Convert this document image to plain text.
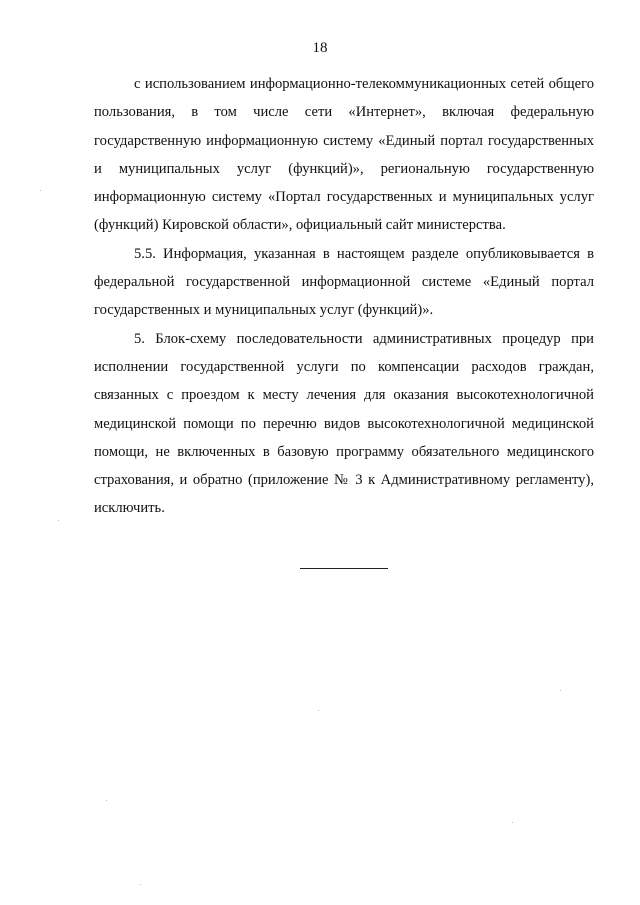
18

с использованием информационно-телекоммуникационных сетей общего пользования, в том числе сети «Интернет», включая федеральную государственную информационную систему «Единый портал государственных и муниципальных услуг (функций)», региональную государственную информационную систему «Портал государственных и муниципальных услуг (функций) Кировской области», официальный сайт министерства.

5.5. Информация, указанная в настоящем разделе опубликовывается в федеральной государственной информационной системе «Единый портал государственных и муниципальных услуг (функций)».

5. Блок-схему последовательности административных процедур при исполнении государственной услуги по компенсации расходов граждан, связанных с проездом к месту лечения для оказания высокотехнологичной медицинской помощи по перечню видов высокотехнологичной медицинской помощи, не включенных в базовую программу обязательного медицинского страхования, и обратно (приложение № 3 к Административному регламенту), исключить.
